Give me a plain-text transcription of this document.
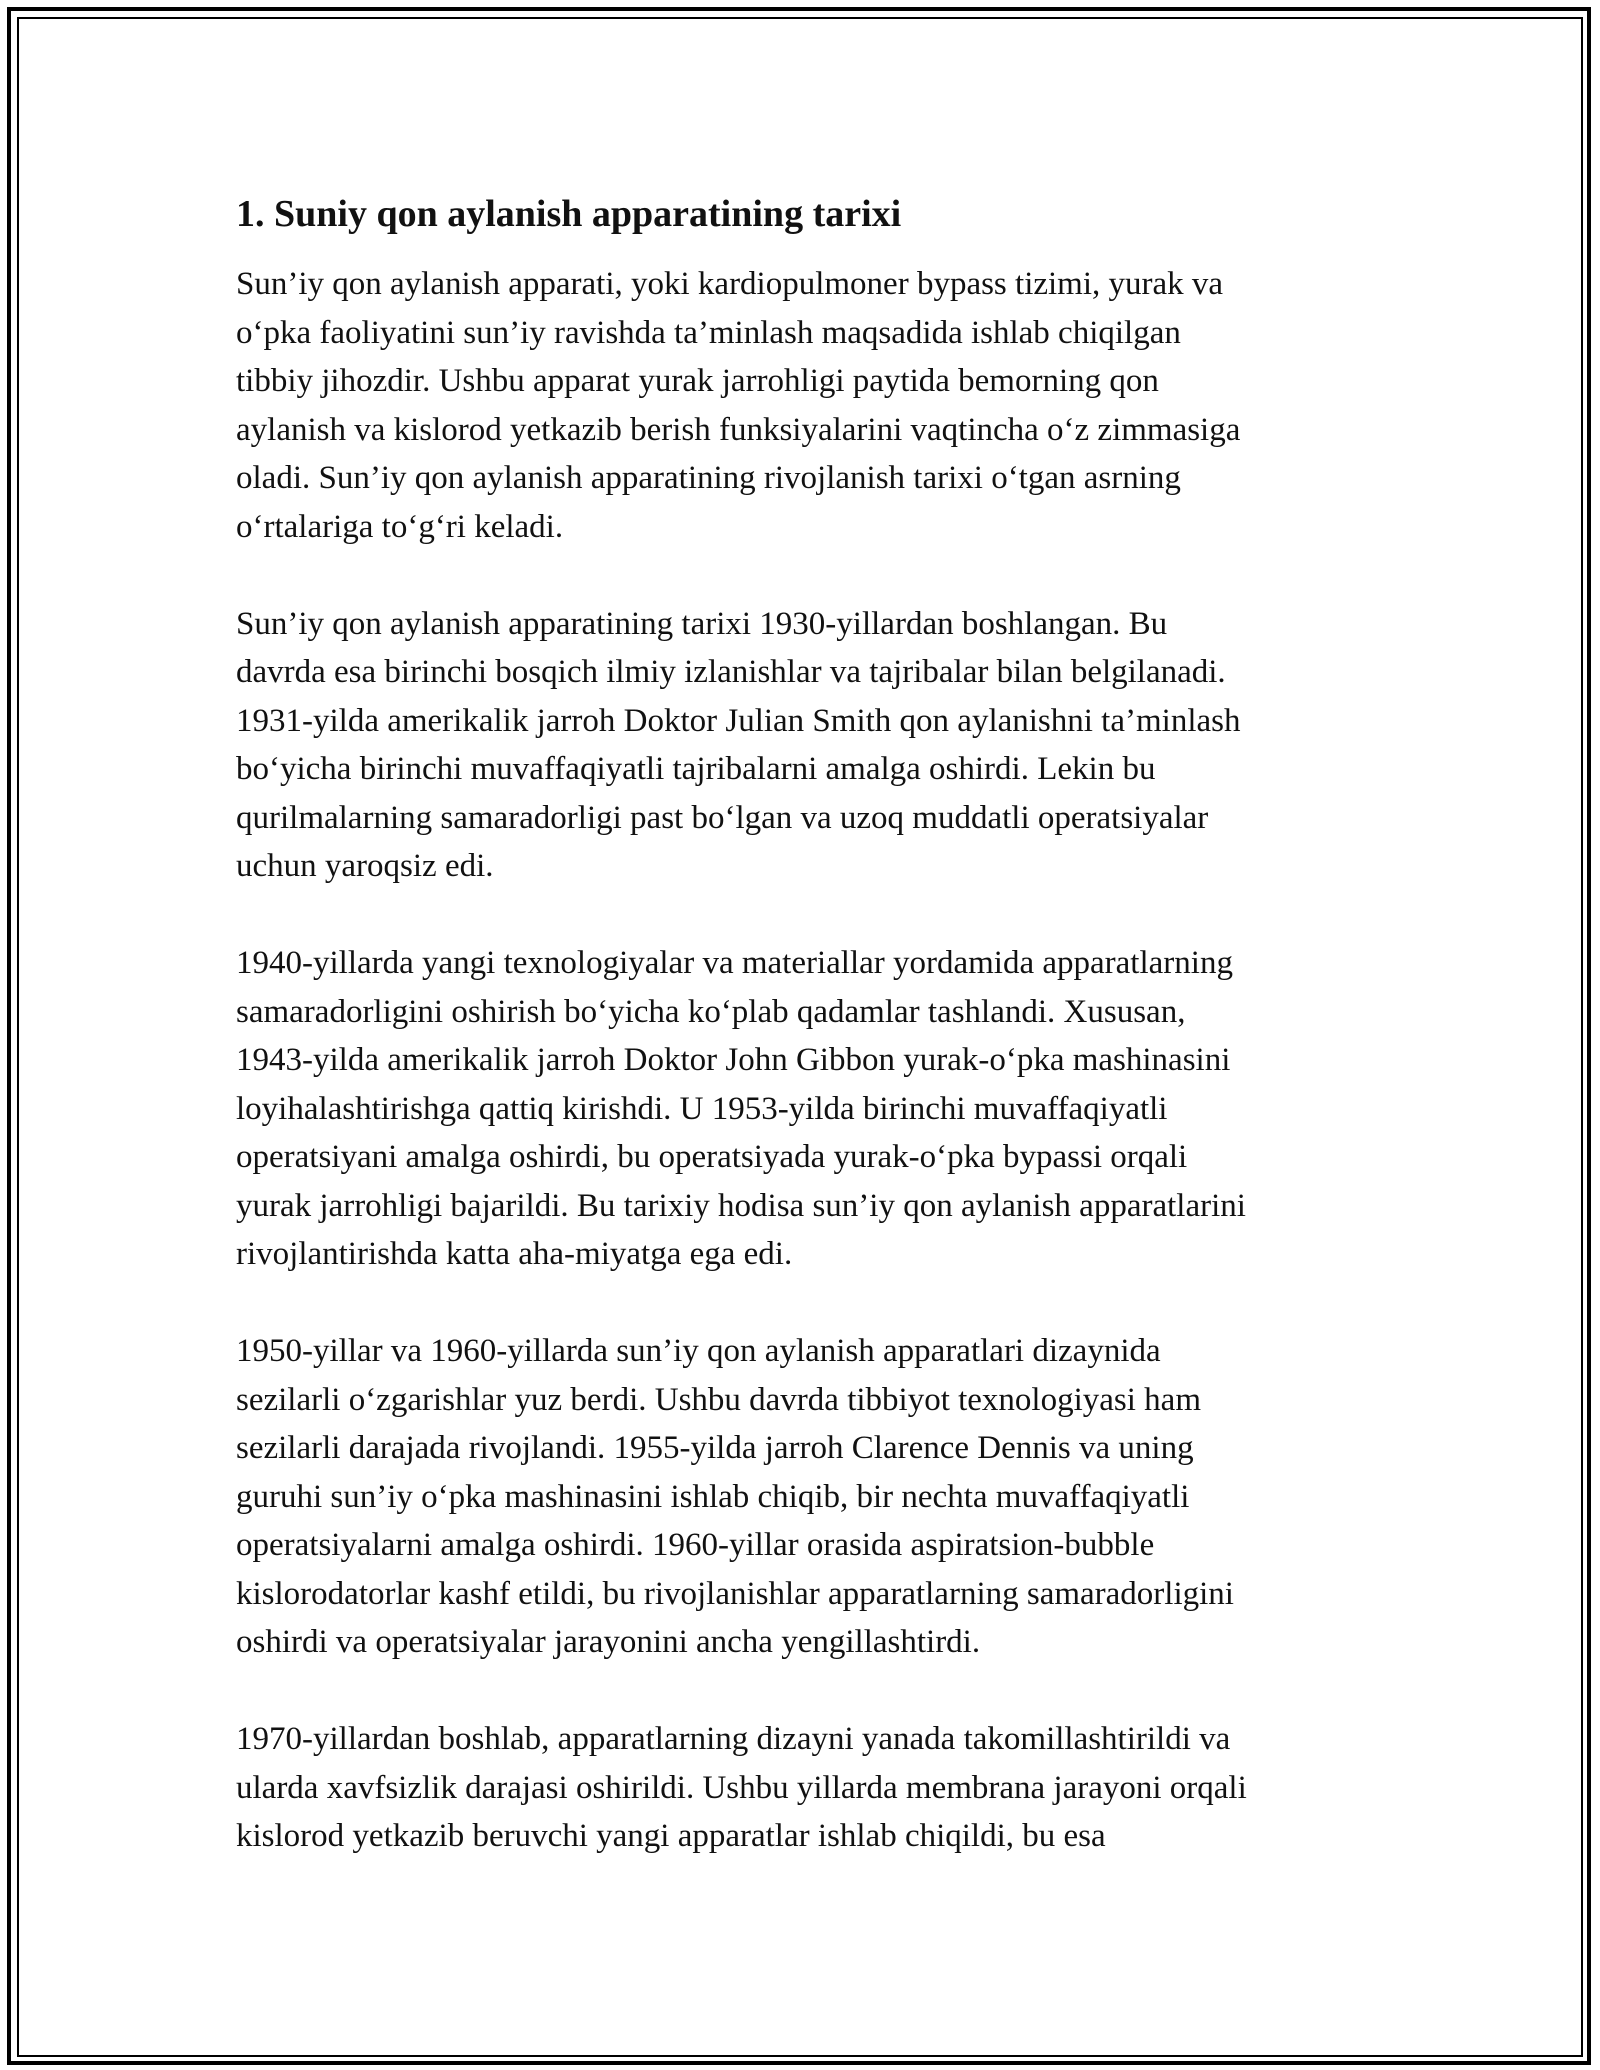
1. Suniy qon aylanish apparatining tarixi
Sun’iy qon aylanish apparati, yoki kardiopulmoner bypass tizimi, yurak va
o‘pka faoliyatini sun’iy ravishda ta’minlash maqsadida ishlab chiqilgan
tibbiy jihozdir. Ushbu apparat yurak jarrohligi paytida bemorning qon
aylanish va kislorod yetkazib berish funksiyalarini vaqtincha o‘z zimmasiga
oladi. Sun’iy qon aylanish apparatining rivojlanish tarixi o‘tgan asrning
o‘rtalariga to‘g‘ri keladi.
Sun’iy qon aylanish apparatining tarixi 1930-yillardan boshlangan. Bu
davrda esa birinchi bosqich ilmiy izlanishlar va tajribalar bilan belgilanadi.
1931-yilda amerikalik jarroh Doktor Julian Smith qon aylanishni ta’minlash
bo‘yicha birinchi muvaffaqiyatli tajribalarni amalga oshirdi. Lekin bu
qurilmalarning samaradorligi past bo‘lgan va uzoq muddatli operatsiyalar
uchun yaroqsiz edi.
1940-yillarda yangi texnologiyalar va materiallar yordamida apparatlarning
samaradorligini oshirish bo‘yicha ko‘plab qadamlar tashlandi. Xususan,
1943-yilda amerikalik jarroh Doktor John Gibbon yurak-o‘pka mashinasini
loyihalashtirishga qattiq kirishdi. U 1953-yilda birinchi muvaffaqiyatli
operatsiyani amalga oshirdi, bu operatsiyada yurak-o‘pka bypassi orqali
yurak jarrohligi bajarildi. Bu tarixiy hodisa sun’iy qon aylanish apparatlarini
rivojlantirishda katta aha-miyatga ega edi.
1950-yillar va 1960-yillarda sun’iy qon aylanish apparatlari dizaynida
sezilarli o‘zgarishlar yuz berdi. Ushbu davrda tibbiyot texnologiyasi ham
sezilarli darajada rivojlandi. 1955-yilda jarroh Clarence Dennis va uning
guruhi sun’iy o‘pka mashinasini ishlab chiqib, bir nechta muvaffaqiyatli
operatsiyalarni amalga oshirdi. 1960-yillar orasida aspiratsion-bubble
kislorodatorlar kashf etildi, bu rivojlanishlar apparatlarning samaradorligini
oshirdi va operatsiyalar jarayonini ancha yengillashtirdi.
1970-yillardan boshlab, apparatlarning dizayni yanada takomillashtirildi va
ularda xavfsizlik darajasi oshirildi. Ushbu yillarda membrana jarayoni orqali
kislorod yetkazib beruvchi yangi apparatlar ishlab chiqildi, bu esa
